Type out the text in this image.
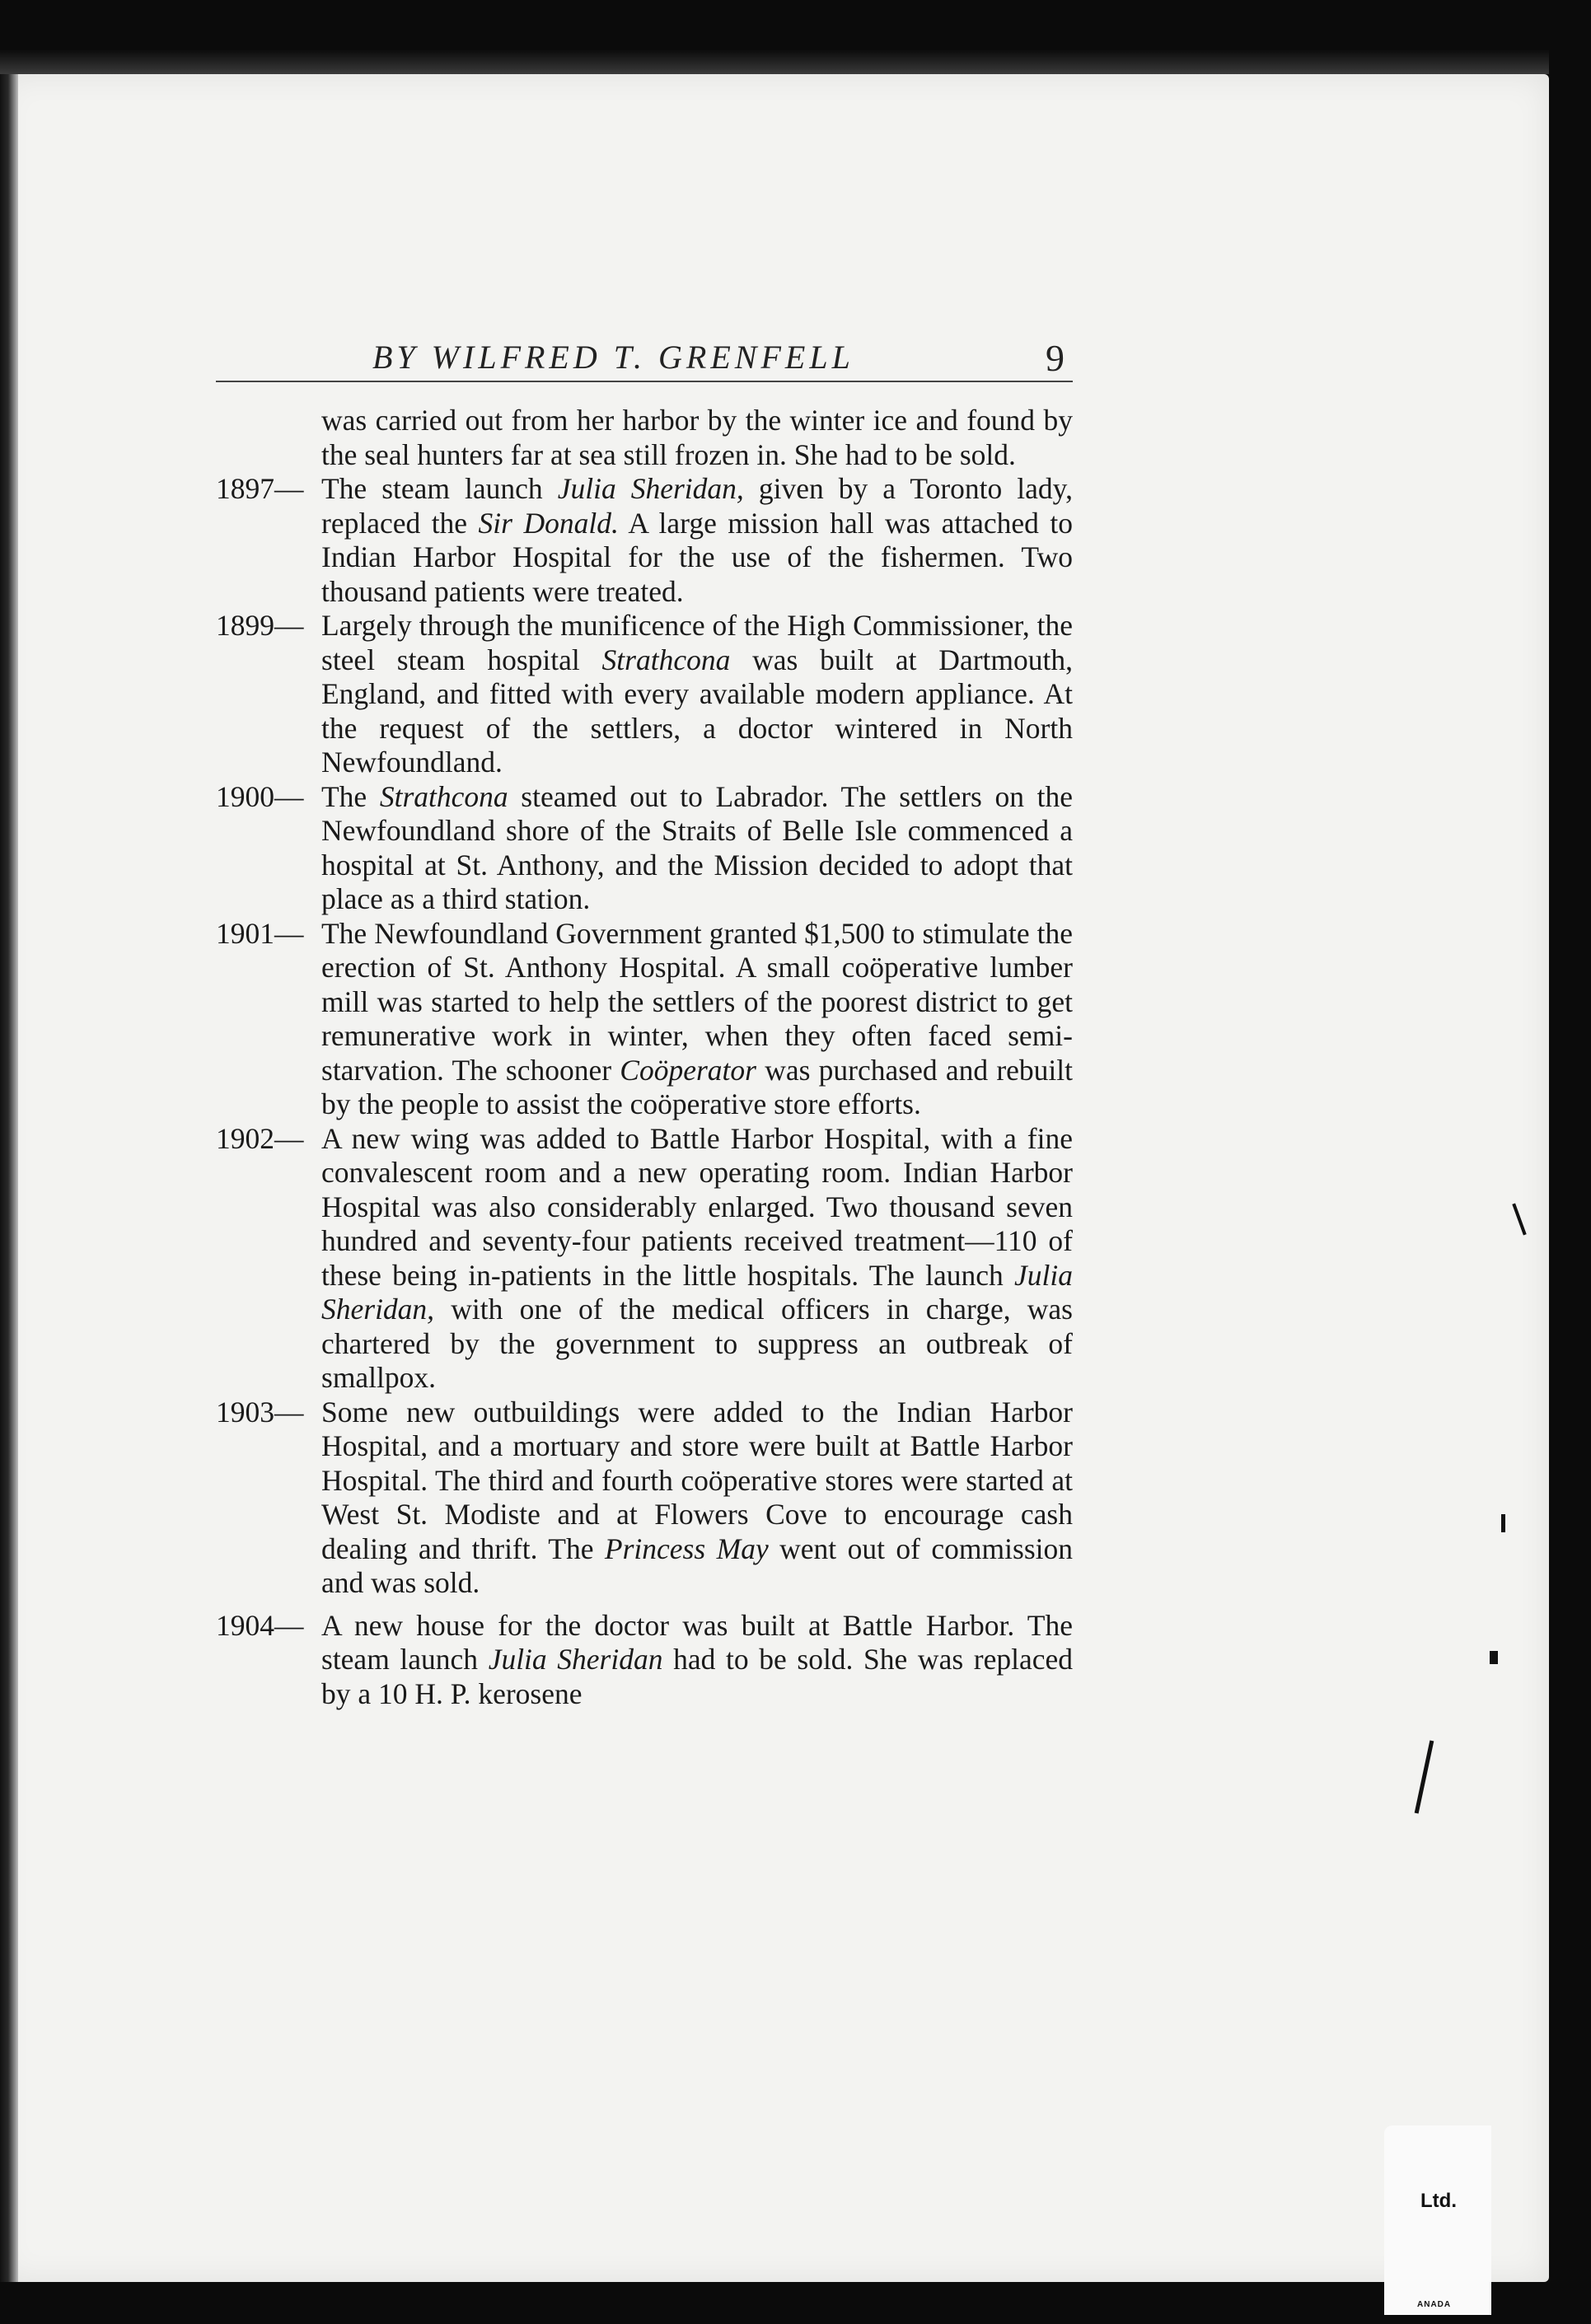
BY WILFRED T. GRENFELL	9

was carried out from her harbor by the winter ice and found by the seal hunters far at sea still frozen in. She had to be sold.

1897— The steam launch Julia Sheridan, given by a Toronto lady, replaced the Sir Donald. A large mission hall was attached to Indian Harbor Hospital for the use of the fishermen. Two thousand patients were treated.

1899— Largely through the munificence of the High Commissioner, the steel steam hospital Strathcona was built at Dartmouth, England, and fitted with every available modern appliance. At the request of the settlers, a doctor wintered in North Newfoundland.

1900— The Strathcona steamed out to Labrador. The settlers on the Newfoundland shore of the Straits of Belle Isle commenced a hospital at St. Anthony, and the Mission decided to adopt that place as a third station.

1901— The Newfoundland Government granted $1,500 to stimulate the erection of St. Anthony Hospital. A small coöperative lumber mill was started to help the settlers of the poorest district to get remunerative work in winter, when they often faced semi-starvation. The schooner Coöperator was purchased and rebuilt by the people to assist the coöperative store efforts.

1902— A new wing was added to Battle Harbor Hospital, with a fine convalescent room and a new operating room. Indian Harbor Hospital was also considerably enlarged. Two thousand seven hundred and seventy-four patients received treatment—110 of these being in-patients in the little hospitals. The launch Julia Sheridan, with one of the medical officers in charge, was chartered by the government to suppress an outbreak of smallpox.

1903— Some new outbuildings were added to the Indian Harbor Hospital, and a mortuary and store were built at Battle Harbor Hospital. The third and fourth coöperative stores were started at West St. Modiste and at Flowers Cove to encourage cash dealing and thrift. The Princess May went out of commission and was sold.

1904— A new house for the doctor was built at Battle Harbor. The steam launch Julia Sheridan had to be sold. She was replaced by a 10 H. P. kerosene

Ltd.
ANADA
